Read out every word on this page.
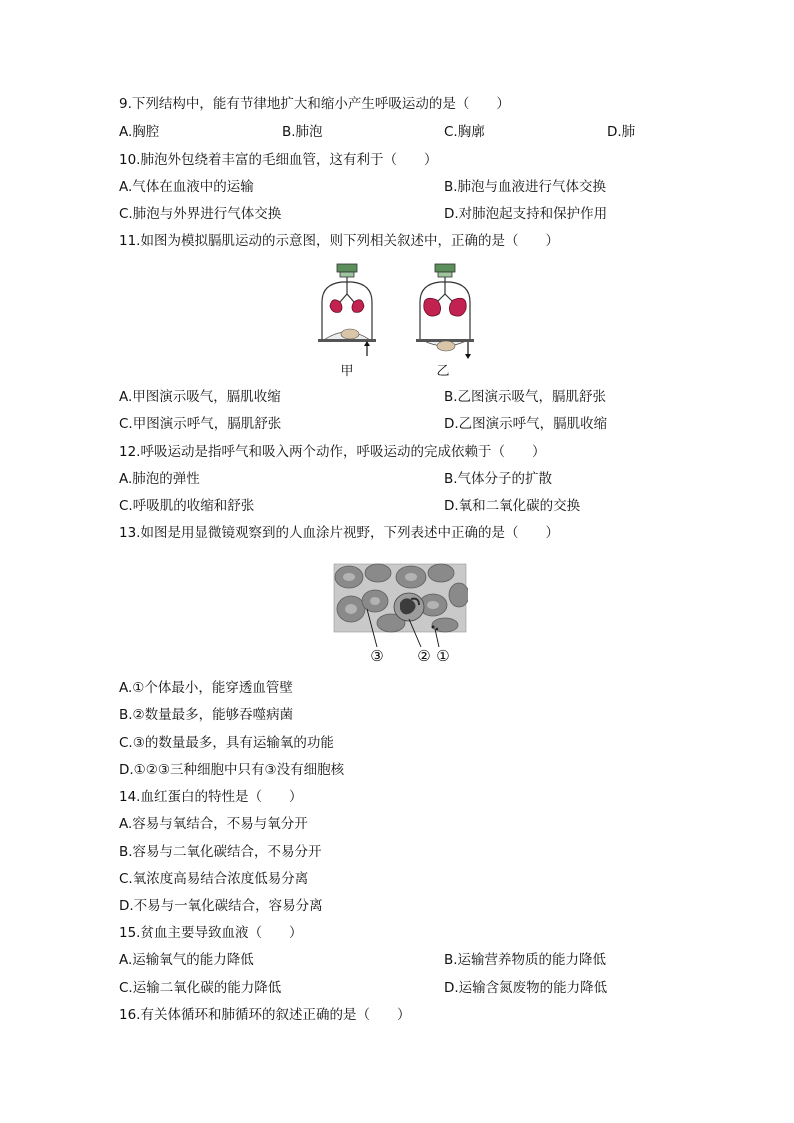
9.下列结构中，能有节律地扩大和缩小产生呼吸运动的是（　　）
A.胸腔	B.肺泡	C.胸廓	D.肺
10.肺泡外包绕着丰富的毛细血管，这有利于（　　）
A.气体在血液中的运输	B.肺泡与血液进行气体交换
C.肺泡与外界进行气体交换	D.对肺泡起支持和保护作用
11.如图为模拟膈肌运动的示意图，则下列相关叙述中，正确的是（　　）
甲	乙
A.甲图演示吸气，膈肌收缩	B.乙图演示吸气，膈肌舒张
C.甲图演示呼气，膈肌舒张	D.乙图演示呼气，膈肌收缩
12.呼吸运动是指呼气和吸入两个动作，呼吸运动的完成依赖于（　　）
A.肺泡的弹性	B.气体分子的扩散
C.呼吸肌的收缩和舒张	D.氧和二氧化碳的交换
13.如图是用显微镜观察到的人血涂片视野，下列表述中正确的是（　　）
③ ② ①
A.①个体最小，能穿透血管壁
B.②数量最多，能够吞噬病菌
C.③的数量最多，具有运输氧的功能
D.①②③三种细胞中只有③没有细胞核
14.血红蛋白的特性是（　　）
A.容易与氧结合，不易与氧分开
B.容易与二氧化碳结合，不易分开
C.氧浓度高易结合浓度低易分离
D.不易与一氧化碳结合，容易分离
15.贫血主要导致血液（　　）
A.运输氧气的能力降低	B.运输营养物质的能力降低
C.运输二氧化碳的能力降低	D.运输含氮废物的能力降低
16.有关体循环和肺循环的叙述正确的是（　　）
